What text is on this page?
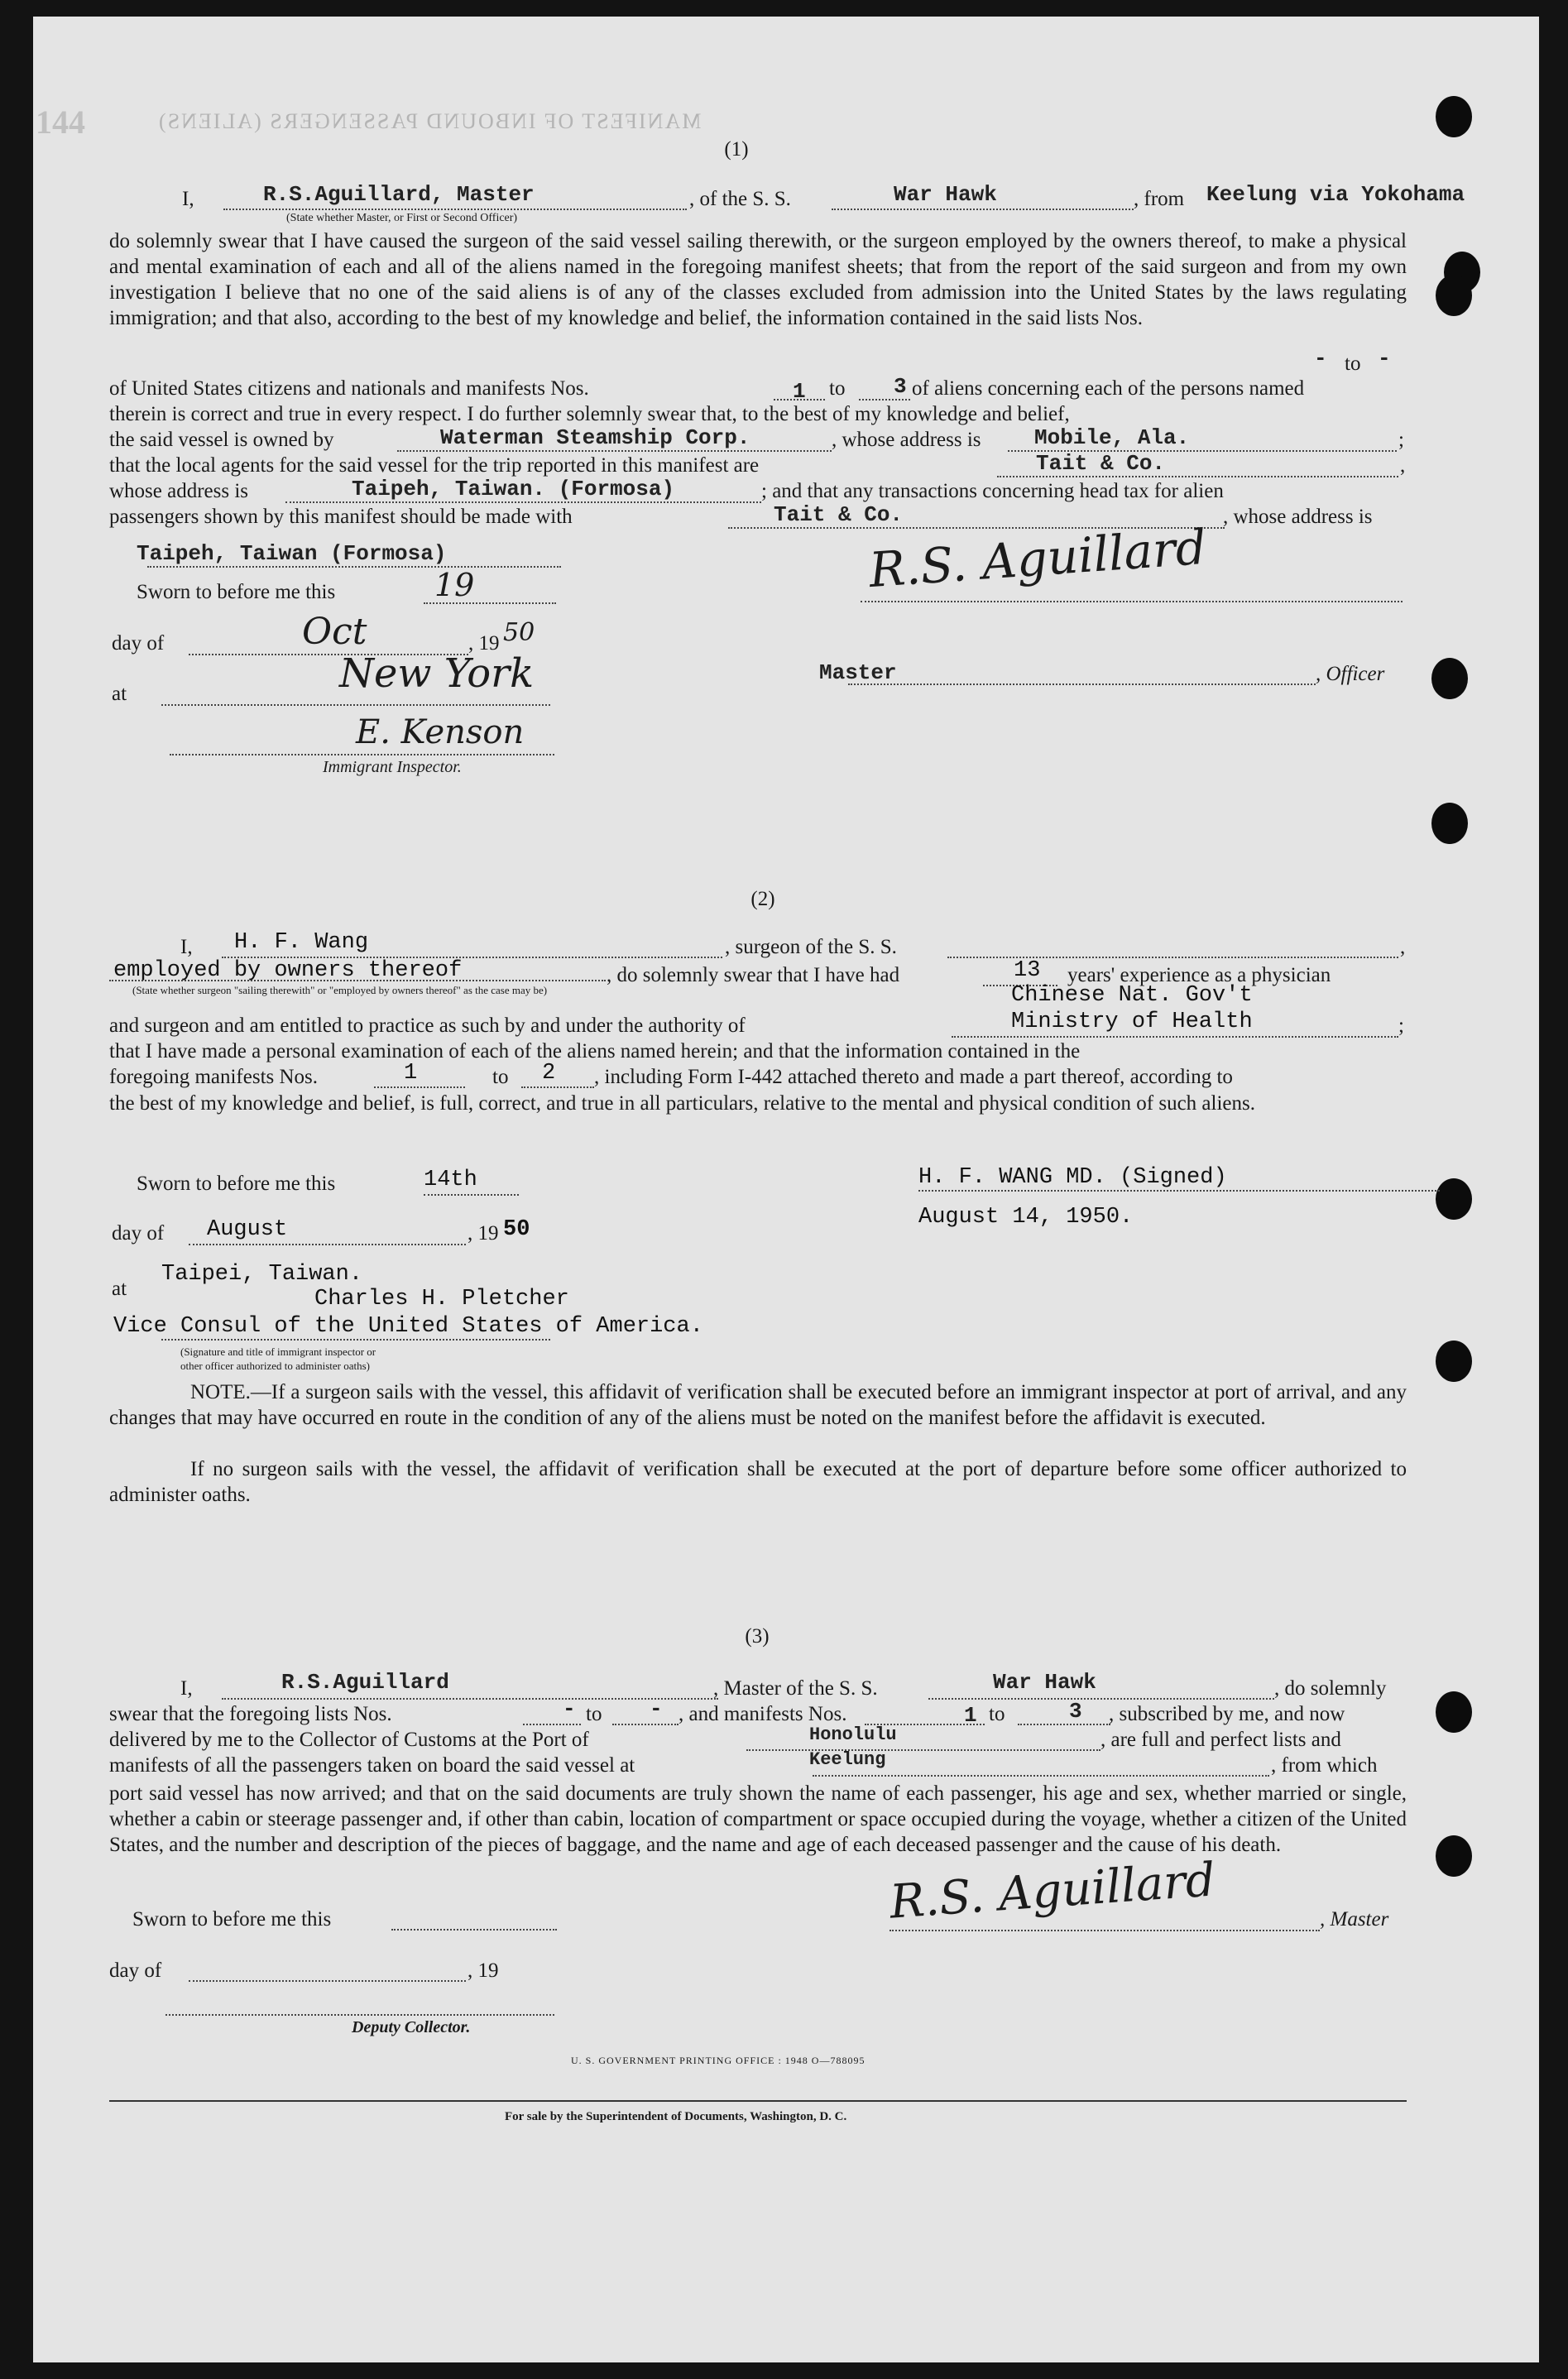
MANIFEST OF INBOUND PASSENGERS (ALIENS)
144
(1)
I,	R.S.Aguillard, Master
(State whether Master, or First or Second Officer)
, of the S. S.	War Hawk	, from Keelung via Yokohama
do solemnly swear that I have caused the surgeon of the said vessel sailing therewith, or the surgeon employed by the owners thereof, to make a physical and mental examination of each and all of the aliens named in the foregoing manifest sheets; that from the report of the said surgeon and from my own investigation I believe that no one of the said aliens is of any of the classes excluded from admission into the United States by the laws regulating immigration; and that also, according to the best of my knowledge and belief, the information contained in the said lists Nos.
- to -
of United States citizens and nationals and manifests Nos.	1 to 3 of aliens concerning each of the persons named
therein is correct and true in every respect. I do further solemnly swear that, to the best of my knowledge and belief,
the said vessel is owned by	Waterman Steamship Corp.	, whose address is Mobile, Ala.	;
that the local agents for the said vessel for the trip reported in this manifest are	Tait & Co.	,
whose address is	Taipeh, Taiwan. (Formosa)	; and that any transactions concerning head tax for alien
passengers shown by this manifest should be made with	Tait & Co.	, whose address is
Taipeh, Taiwan (Formosa)
Sworn to before me this	19	R.S. Aguillard
day of	Oct	, 19 50
Master	, Officer
at	New York
E. Kenson
Immigrant Inspector.
(2)
I, H. F. Wang	, surgeon of the S. S.	,
employed by owners thereof
(State whether surgeon "sailing therewith" or "employed by owners thereof" as the case may be)
, do solemnly swear that I have had	13 years' experience as a physician
Chinese Nat. Gov't
and surgeon and am entitled to practice as such by and under the authority of	Ministry of Health	;
that I have made a personal examination of each of the aliens named herein; and that the information contained in the
foregoing manifests Nos.	1	to 2 , including Form I-442 attached thereto and made a part thereof, according to
the best of my knowledge and belief, is full, correct, and true in all particulars, relative to the mental and physical condition of such aliens.
Sworn to before me this	14th	H. F. WANG MD. (Signed)
August 14, 1950.
day of August	, 19 50
at
Taipei, Taiwan.
Charles H. Pletcher
Vice Consul of the United States of America.
(Signature and title of immigrant inspector or
other officer authorized to administer oaths)
NOTE.—If a surgeon sails with the vessel, this affidavit of verification shall be executed before an immigrant inspector at port of arrival, and any changes that may have occurred en route in the condition of any of the aliens must be noted on the manifest before the affidavit is executed.
If no surgeon sails with the vessel, the affidavit of verification shall be executed at the port of departure before some officer authorized to administer oaths.
(3)
I,	R.S.Aguillard	, Master of the S. S.	War Hawk	, do solemnly
swear that the foregoing lists Nos.	- to - , and manifests Nos.	1 to	3 , subscribed by me, and now
delivered by me to the Collector of Customs at the Port of	Honolulu	, are full and perfect lists and
manifests of all the passengers taken on board the said vessel at	Keelung	, from which
port said vessel has now arrived; and that on the said documents are truly shown the name of each passenger, his age and sex, whether married or single, whether a cabin or steerage passenger and, if other than cabin, location of compartment or space occupied during the voyage, whether a citizen of the United States, and the number and description of the pieces of baggage, and the name and age of each deceased passenger and the cause of his death.
Sworn to before me this	R.S. Aguillard	, Master
day of	, 19
Deputy Collector.
U. S. GOVERNMENT PRINTING OFFICE : 1948 O—788095
For sale by the Superintendent of Documents, Washington, D. C.
